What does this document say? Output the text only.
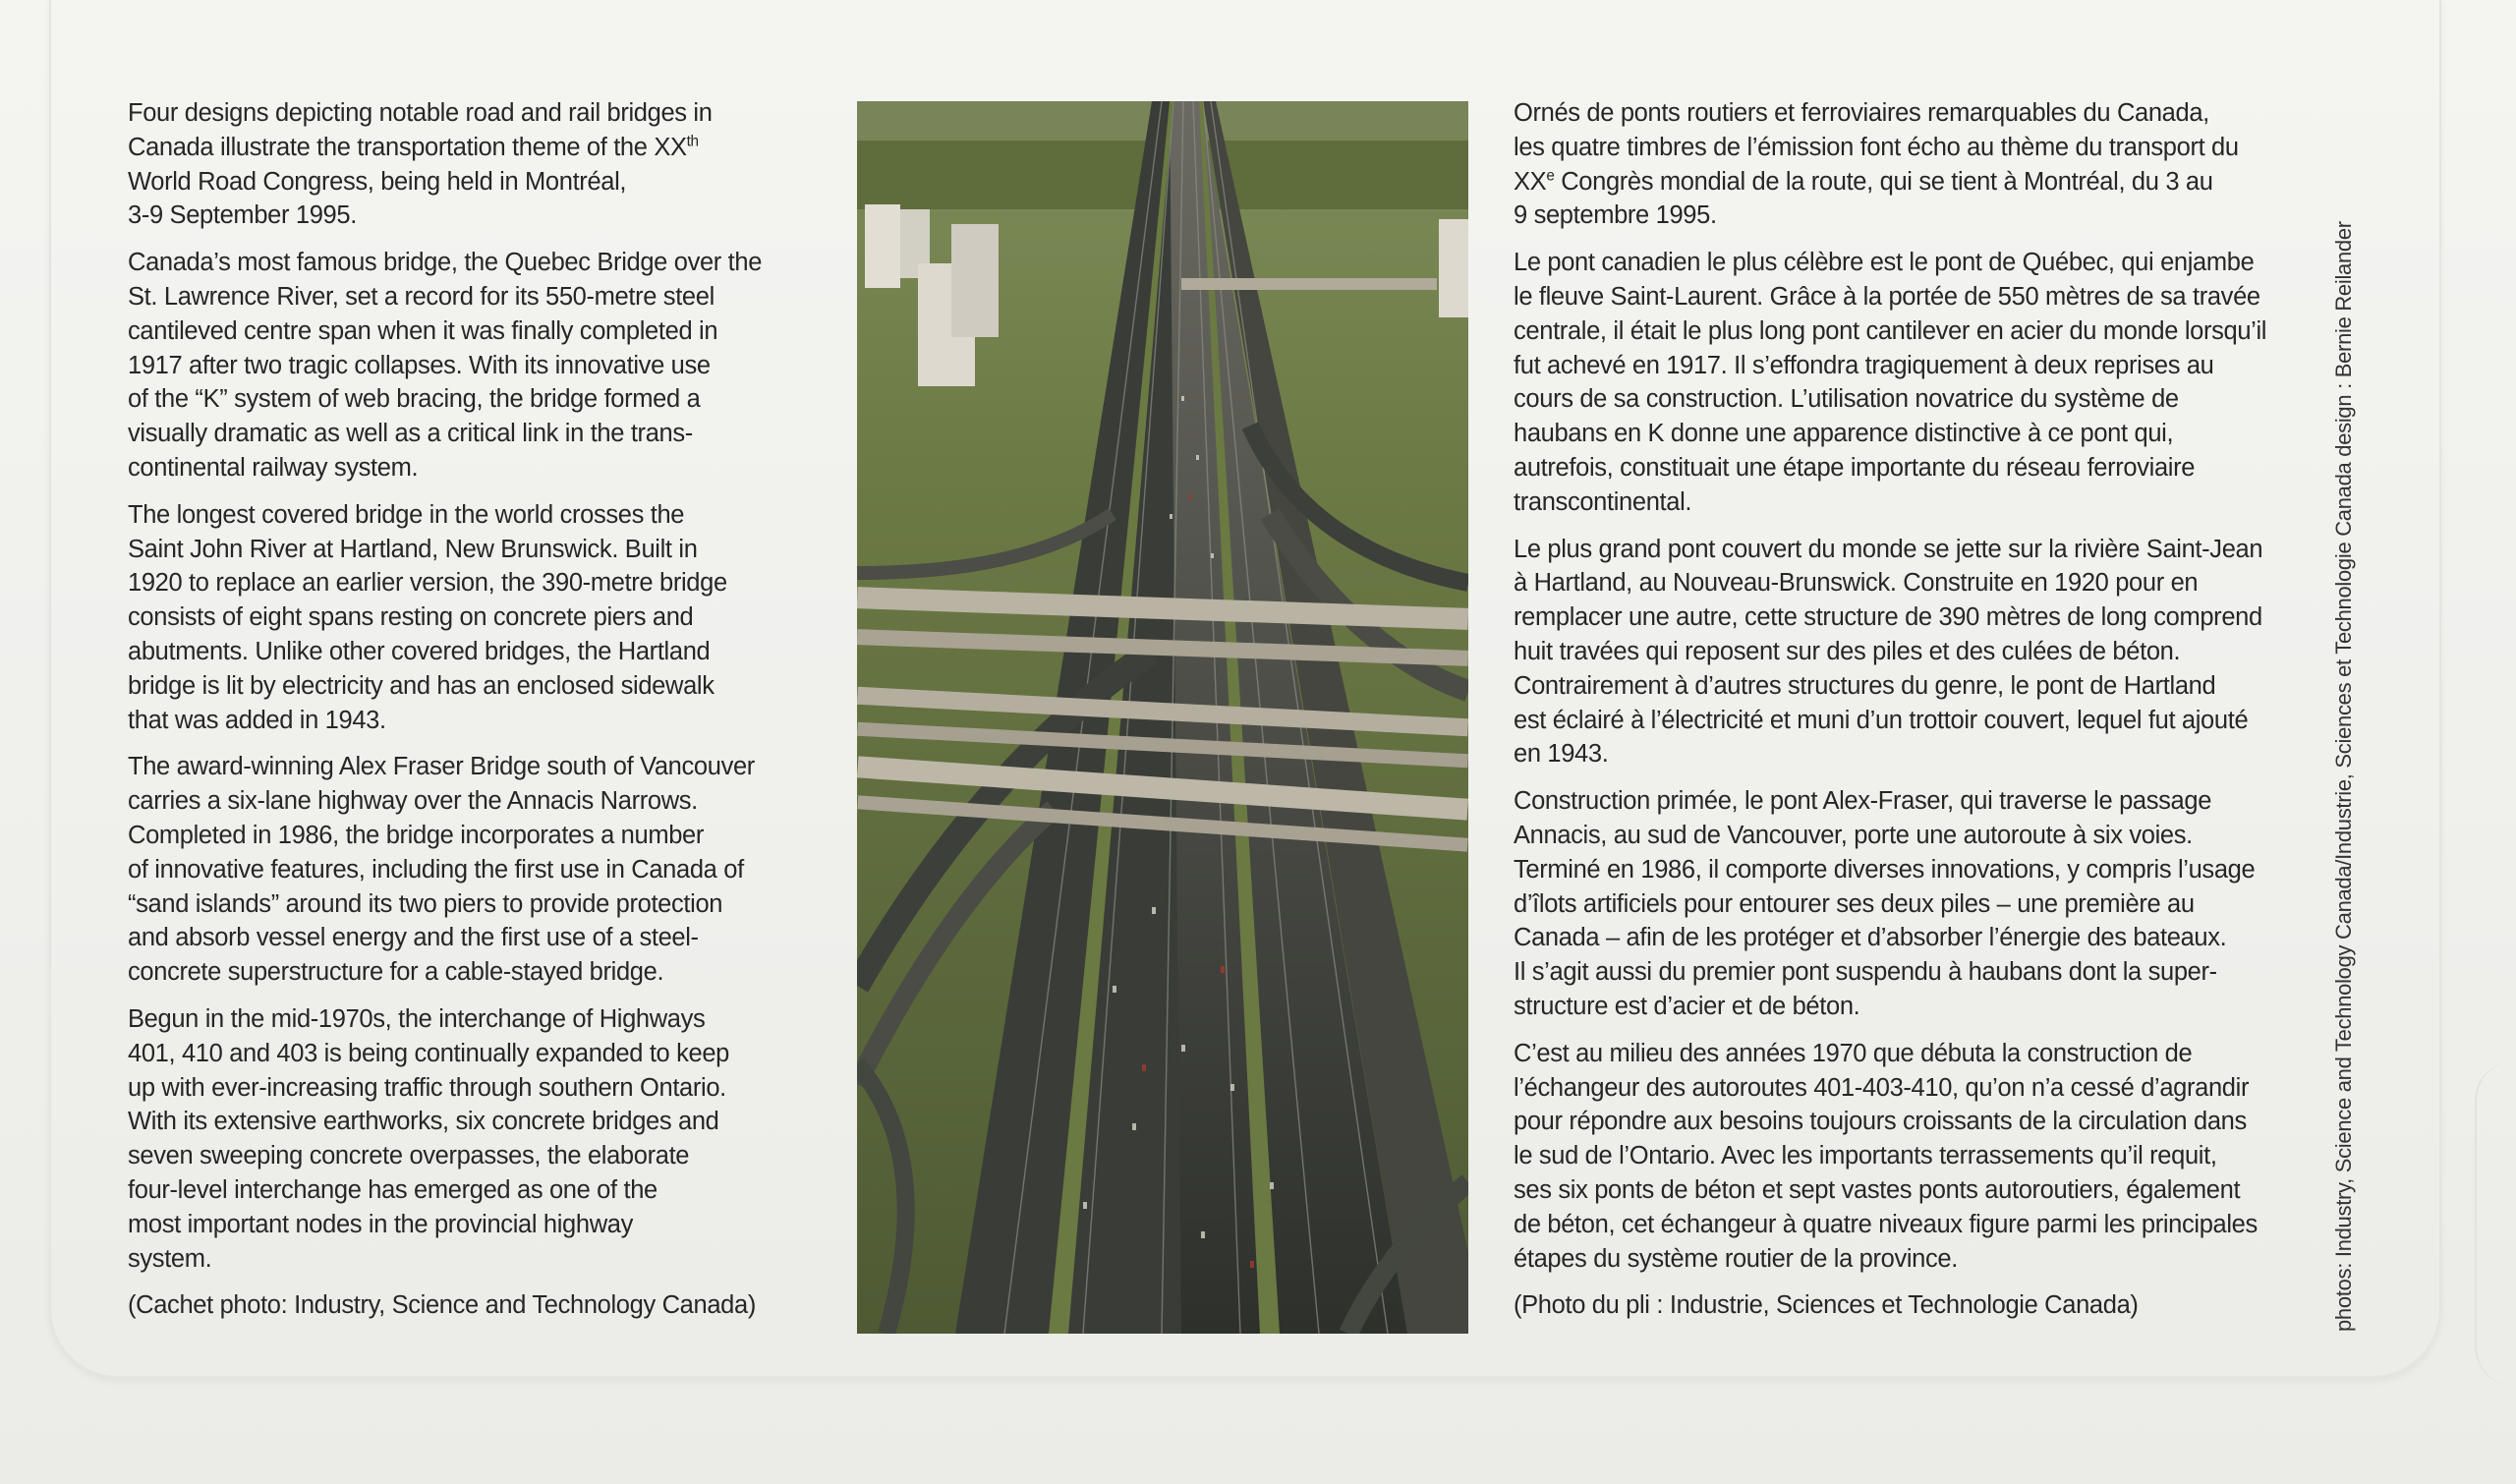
Four designs depicting notable road and rail bridges in
Canada illustrate the transportation theme of the XXth
World Road Congress, being held in Montréal,
3-9 September 1995.

Canada’s most famous bridge, the Quebec Bridge over the
St. Lawrence River, set a record for its 550-metre steel
cantileved centre span when it was finally completed in
1917 after two tragic collapses. With its innovative use
of the “K” system of web bracing, the bridge formed a
visually dramatic as well as a critical link in the trans-
continental railway system.

The longest covered bridge in the world crosses the
Saint John River at Hartland, New Brunswick. Built in
1920 to replace an earlier version, the 390-metre bridge
consists of eight spans resting on concrete piers and
abutments. Unlike other covered bridges, the Hartland
bridge is lit by electricity and has an enclosed sidewalk
that was added in 1943.

The award-winning Alex Fraser Bridge south of Vancouver
carries a six-lane highway over the Annacis Narrows.
Completed in 1986, the bridge incorporates a number
of innovative features, including the first use in Canada of
“sand islands” around its two piers to provide protection
and absorb vessel energy and the first use of a steel-
concrete superstructure for a cable-stayed bridge.

Begun in the mid-1970s, the interchange of Highways
401, 410 and 403 is being continually expanded to keep
up with ever-increasing traffic through southern Ontario.
With its extensive earthworks, six concrete bridges and
seven sweeping concrete overpasses, the elaborate
four-level interchange has emerged as one of the
most important nodes in the provincial highway
system.

(Cachet photo: Industry, Science and Technology Canada)

Ornés de ponts routiers et ferroviaires remarquables du Canada,
les quatre timbres de l’émission font écho au thème du transport du
XXe Congrès mondial de la route, qui se tient à Montréal, du 3 au
9 septembre 1995.

Le pont canadien le plus célèbre est le pont de Québec, qui enjambe
le fleuve Saint-Laurent. Grâce à la portée de 550 mètres de sa travée
centrale, il était le plus long pont cantilever en acier du monde lorsqu’il
fut achevé en 1917. Il s’effondra tragiquement à deux reprises au
cours de sa construction. L’utilisation novatrice du système de
haubans en K donne une apparence distinctive à ce pont qui,
autrefois, constituait une étape importante du réseau ferroviaire
transcontinental.

Le plus grand pont couvert du monde se jette sur la rivière Saint-Jean
à Hartland, au Nouveau-Brunswick. Construite en 1920 pour en
remplacer une autre, cette structure de 390 mètres de long comprend
huit travées qui reposent sur des piles et des culées de béton.
Contrairement à d’autres structures du genre, le pont de Hartland
est éclairé à l’électricité et muni d’un trottoir couvert, lequel fut ajouté
en 1943.

Construction primée, le pont Alex-Fraser, qui traverse le passage
Annacis, au sud de Vancouver, porte une autoroute à six voies.
Terminé en 1986, il comporte diverses innovations, y compris l’usage
d’îlots artificiels pour entourer ses deux piles – une première au
Canada – afin de les protéger et d’absorber l’énergie des bateaux.
Il s’agit aussi du premier pont suspendu à haubans dont la super-
structure est d’acier et de béton.

C’est au milieu des années 1970 que débuta la construction de
l’échangeur des autoroutes 401-403-410, qu’on n’a cessé d’agrandir
pour répondre aux besoins toujours croissants de la circulation dans
le sud de l’Ontario. Avec les importants terrassements qu’il requit,
ses six ponts de béton et sept vastes ponts autoroutiers, également
de béton, cet échangeur à quatre niveaux figure parmi les principales
étapes du système routier de la province.

(Photo du pli : Industrie, Sciences et Technologie Canada)	photos: Industry, Science and Technology Canada/Industrie, Sciences et Technologie Canada design : Bernie Reilander
